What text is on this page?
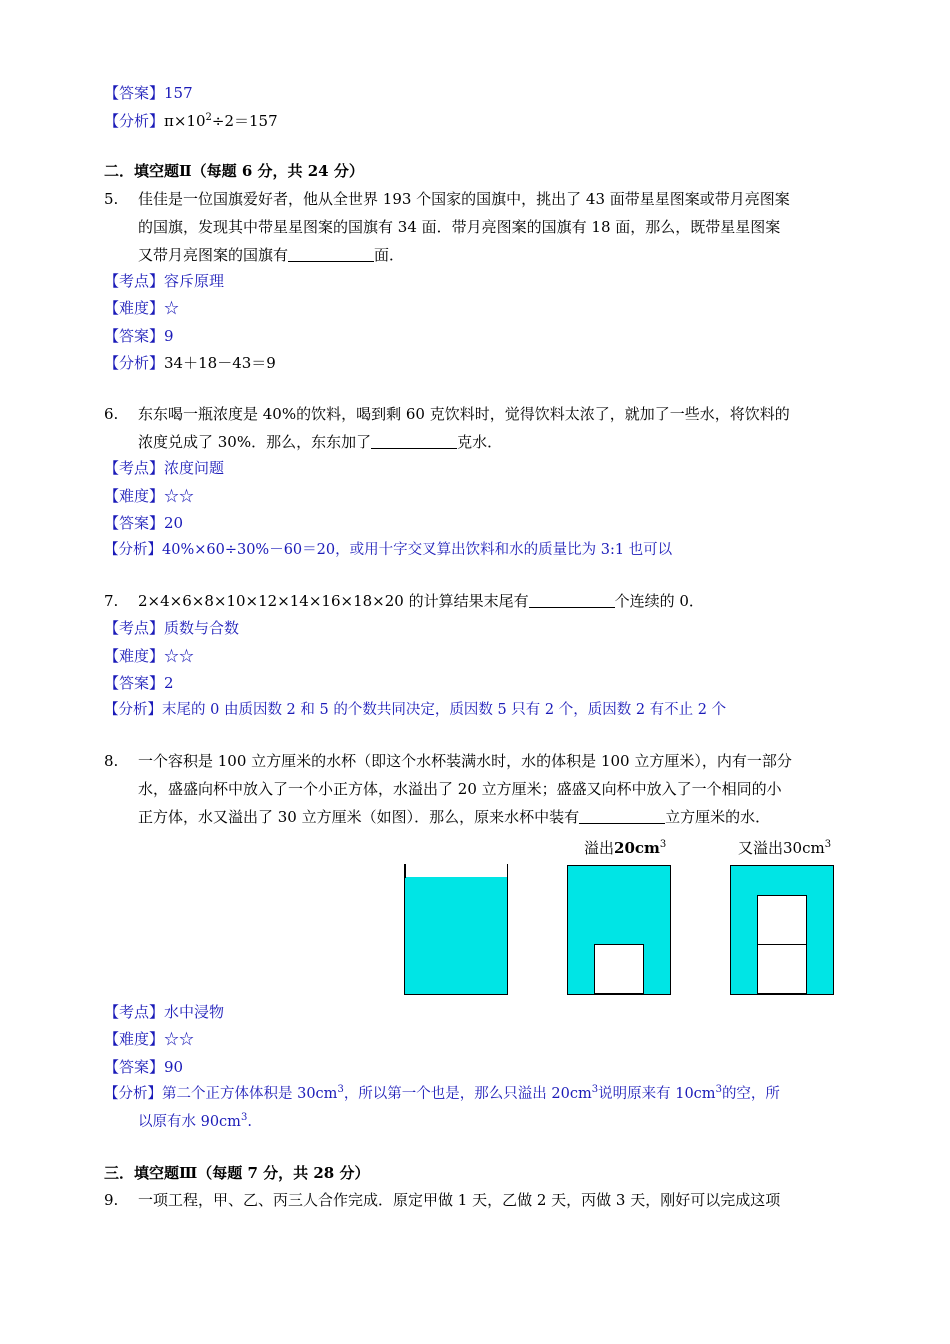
【答案】157
【分析】$\pi\times 10^2\div 2=157$
二．填空题Ⅱ（每题 6 分，共 24 分）
5. 佳佳是一位国旗爱好者，他从全世界 193 个国家的国旗中，挑出了 43 面带星星图案或带月亮图案
的国旗，发现其中带星星图案的国旗有 34 面．带月亮图案的国旗有 18 面，那么，既带星星图案
又带月亮图案的国旗有	面．
【考点】容斥原理
【难度】☆
【答案】9
【分析】34＋18－43＝9
6. 东东喝一瓶浓度是 40%的饮料，喝到剩 60 克饮料时，觉得饮料太浓了，就加了一些水，将饮料的
浓度兑成了 30%．那么，东东加了	克水．
【考点】浓度问题
【难度】☆☆
【答案】20
【分析】40%×60÷30%－60＝20，或用十字交叉算出饮料和水的质量比为 3:1 也可以
7. 2×4×6×8×10×12×14×16×18×20 的计算结果末尾有	个连续的 0．
【考点】质数与合数
【难度】☆☆
【答案】2
【分析】末尾的 0 由质因数 2 和 5 的个数共同决定，质因数 5 只有 2 个，质因数 2 有不止 2 个
8. 一个容积是 100 立方厘米的水杯（即这个水杯装满水时，水的体积是 100 立方厘米），内有一部分
水，盛盛向杯中放入了一个小正方体，水溢出了 20 立方厘米；盛盛又向杯中放入了一个相同的小
正方体，水又溢出了 30 立方厘米（如图）．那么，原来水杯中装有	立方厘米的水．
溢出$20cm^3$	又溢出$30cm^3$
【考点】水中浸物
【难度】☆☆
【答案】90
【分析】第二个正方体体积是 $30cm^3$，所以第一个也是，那么只溢出 $20cm^3$说明原来有 $10cm^3$的空，所
以原有水 $90cm^3$.
三．填空题Ⅲ（每题 7 分，共 28 分）
9. 一项工程，甲、乙、丙三人合作完成．原定甲做 1 天，乙做 2 天，丙做 3 天，刚好可以完成这项
